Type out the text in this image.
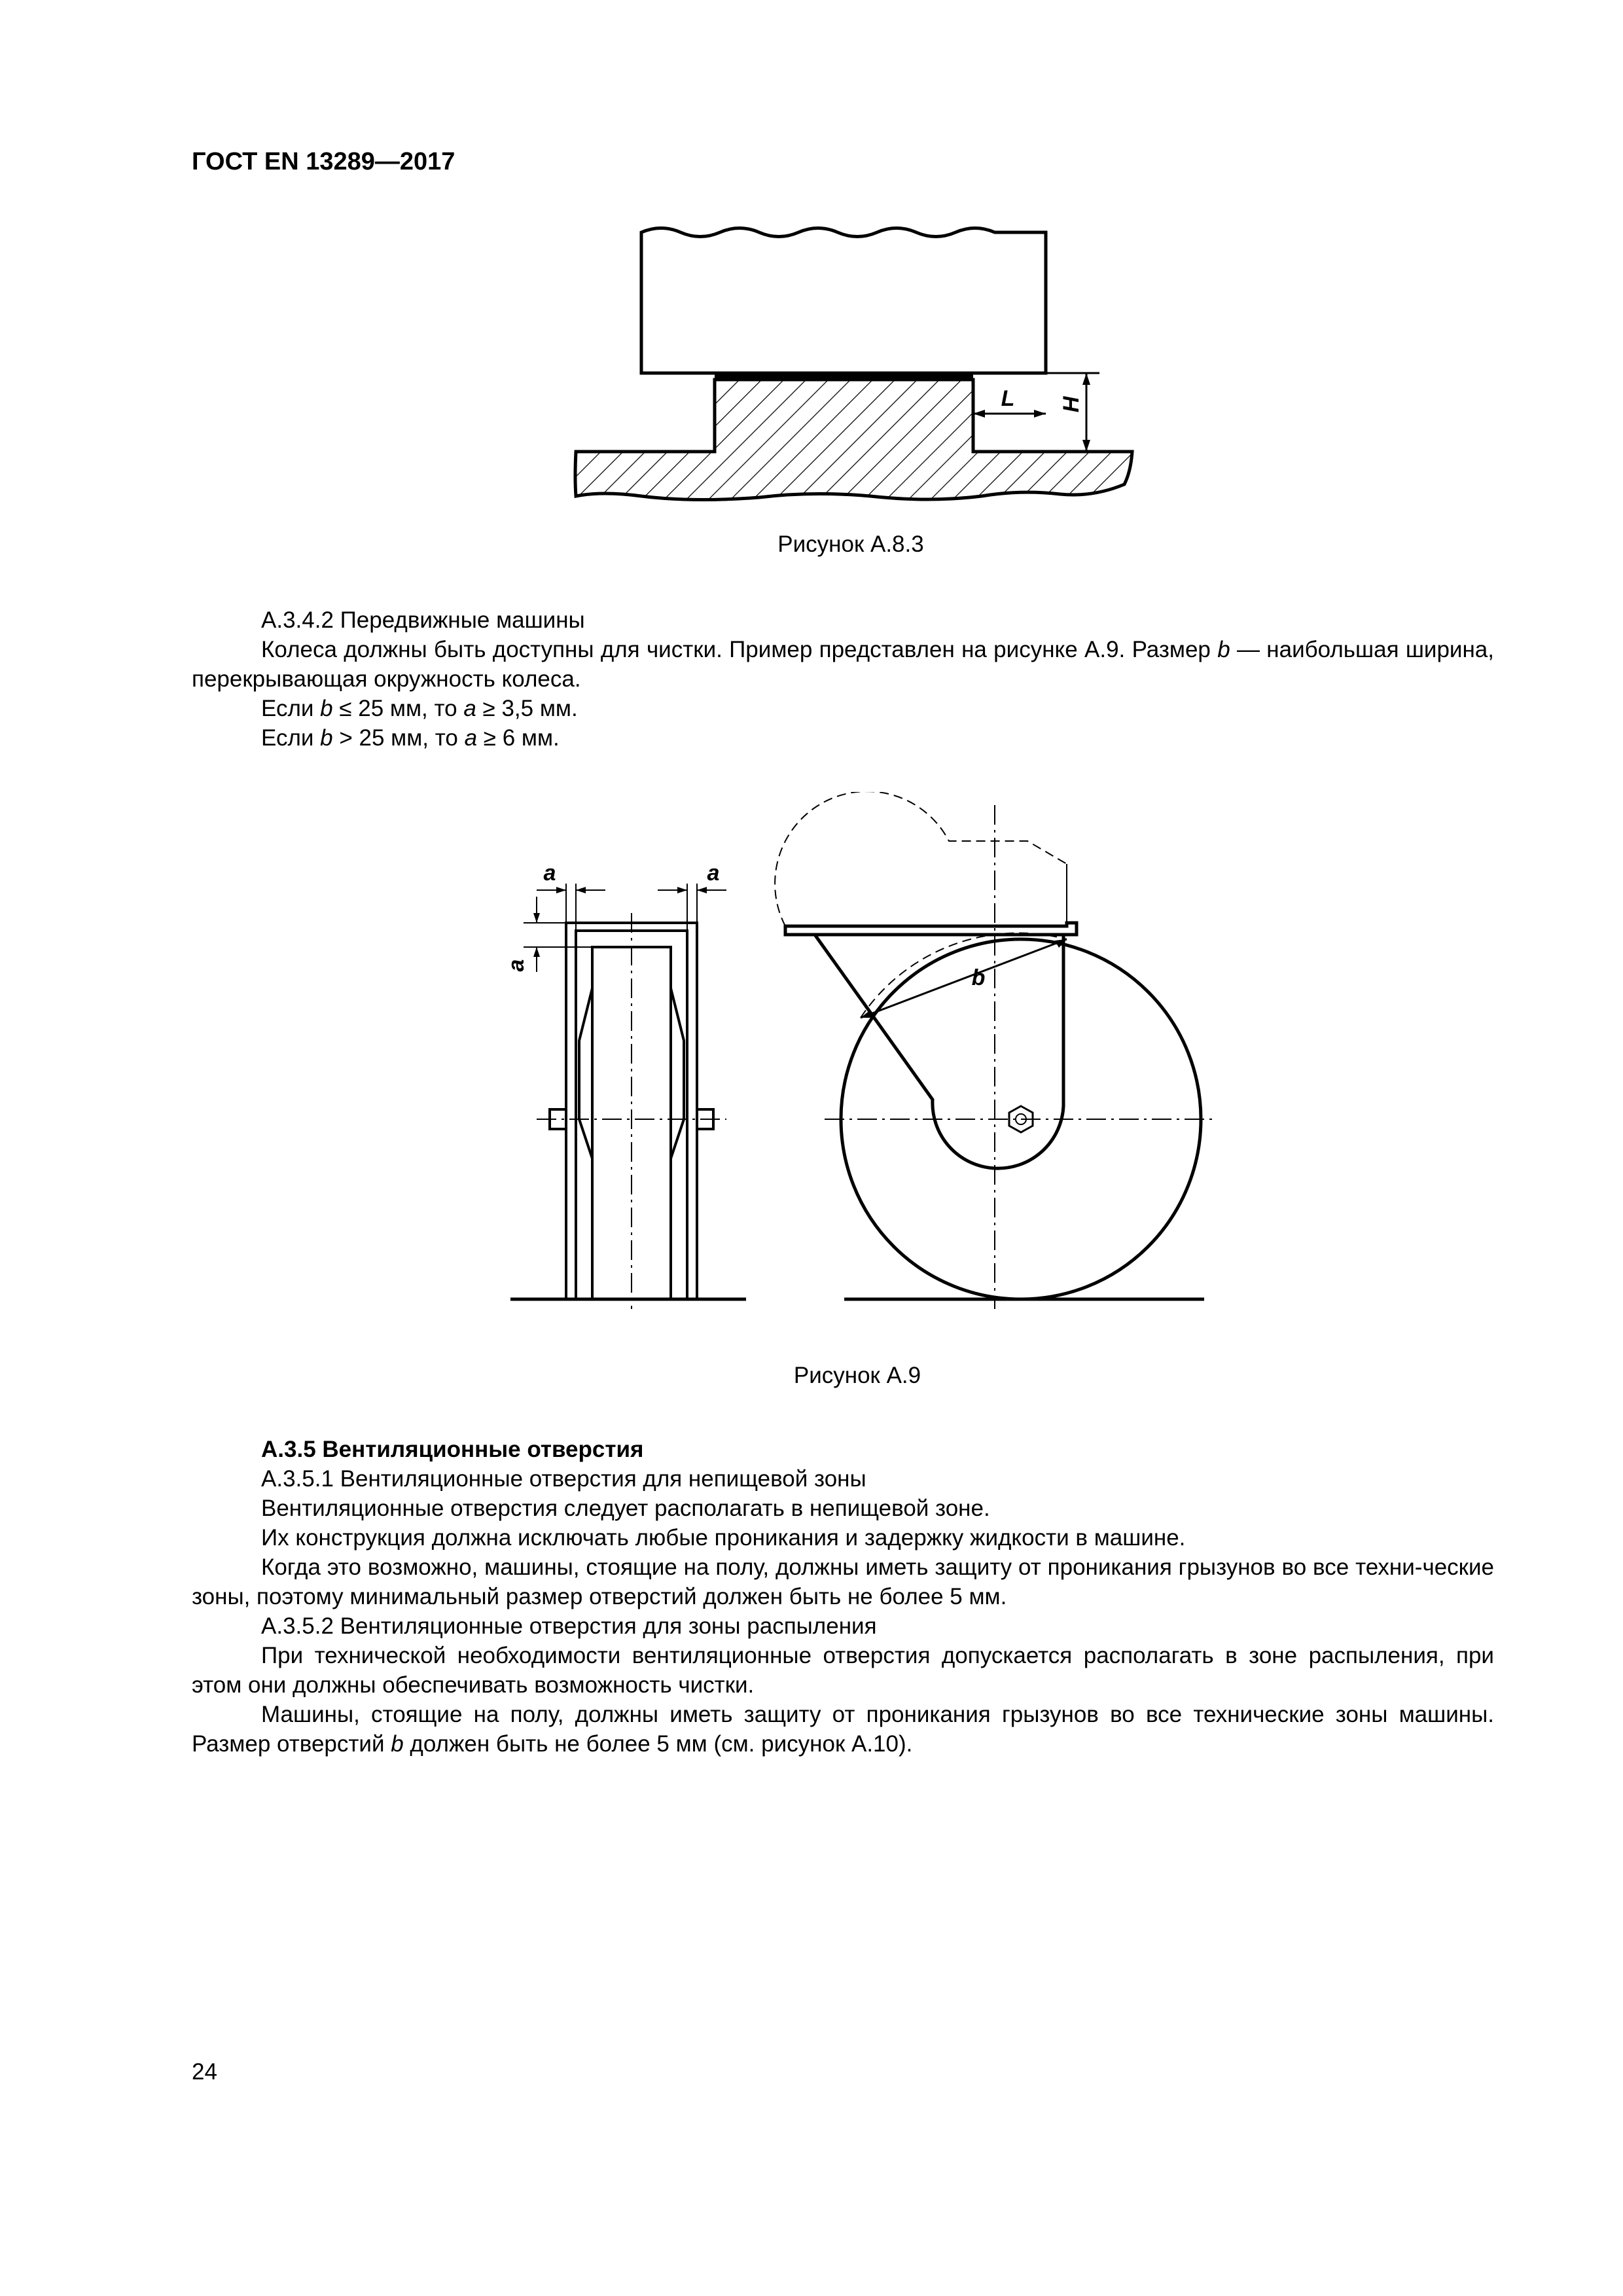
ГОСТ EN 13289—2017
L H
Рисунок А.8.3

А.3.4.2 Передвижные машины

Колеса должны быть доступны для чистки. Пример представлен на рисунке А.9. Размер b — наибольшая ширина, перекрывающая окружность колеса.

Если b ≤ 25 мм, то a ≥ 3,5 мм.

Если b > 25 мм, то a ≥ 6 мм.

a	a
a	b
Рисунок А.9

А.3.5 Вентиляционные отверстия

А.3.5.1 Вентиляционные отверстия для непищевой зоны

Вентиляционные отверстия следует располагать в непищевой зоне.

Их конструкция должна исключать любые проникания и задержку жидкости в машине.

Когда это возможно, машины, стоящие на полу, должны иметь защиту от проникания грызунов во все техни-ческие зоны, поэтому минимальный размер отверстий должен быть не более 5 мм.

А.3.5.2 Вентиляционные отверстия для зоны распыления

При технической необходимости вентиляционные отверстия допускается располагать в зоне распыления, при этом они должны обеспечивать возможность чистки.

Машины, стоящие на полу, должны иметь защиту от проникания грызунов во все технические зоны машины. Размер отверстий b должен быть не более 5 мм (см. рисунок А.10).

24
